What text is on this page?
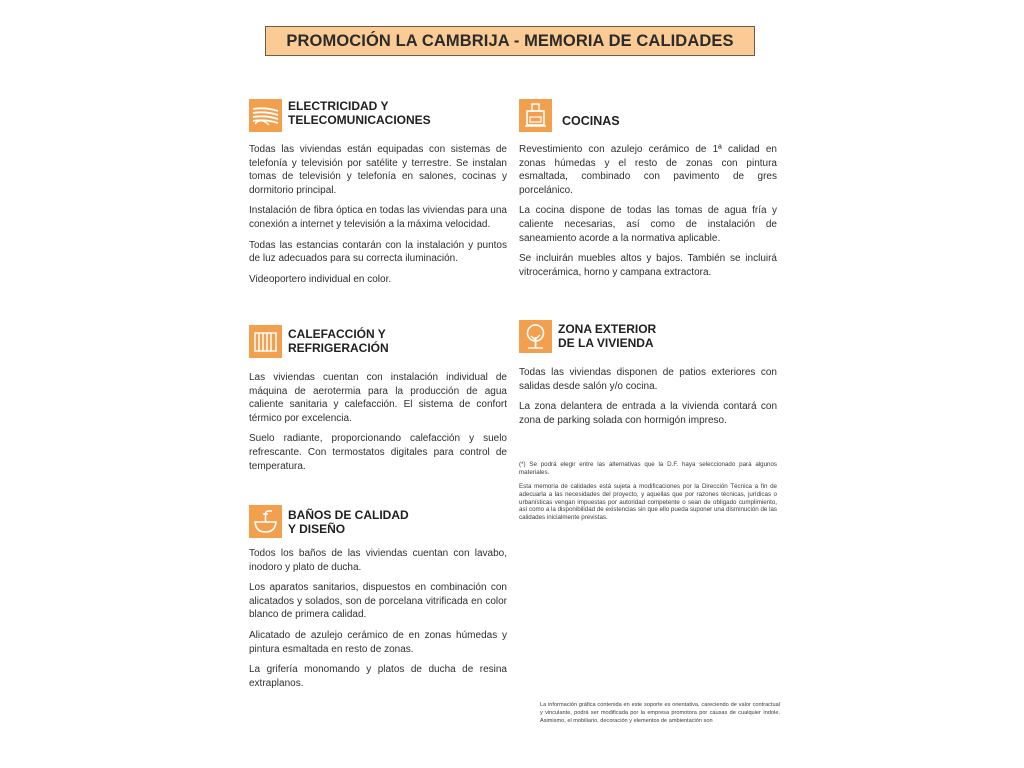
PROMOCIÓN LA CAMBRIJA - MEMORIA DE CALIDADES
ELECTRICIDAD Y
TELECOMUNICACIONES

Todas las viviendas están equipadas con sistemas de telefonía y televisión por satélite y terrestre. Se instalan tomas de televisión y telefonía en salones, cocinas y dormitorio principal.

Instalación de fibra óptica en todas las viviendas para una conexión a internet y televisión a la máxima velocidad.

Todas las estancias contarán con la instalación y puntos de luz adecuados para su correcta iluminación.

Videoportero individual en color.

COCINAS

Revestimiento con azulejo cerámico de 1ª calidad en zonas húmedas y el resto de zonas con pintura esmaltada, combinado con pavimento de gres porcelánico.

La cocina dispone de todas las tomas de agua fría y caliente necesarias, así como de instalación de saneamiento acorde a la normativa aplicable.

Se incluirán muebles altos y bajos. También se incluirá vitrocerámica, horno y campana extractora.

CALEFACCIÓN Y
REFRIGERACIÓN

Las viviendas cuentan con instalación individual de máquina de aerotermia para la producción de agua caliente sanitaria y calefacción. El sistema de confort térmico por excelencia.

Suelo radiante, proporcionando calefacción y suelo refrescante. Con termostatos digitales para control de temperatura.

ZONA EXTERIOR
DE LA VIVIENDA

Todas las viviendas disponen de patios exteriores con salidas desde salón y/o cocina.

La zona delantera de entrada a la vivienda contará con zona de parking solada con hormigón impreso.

(*) Se podrá elegir entre las alternativas que la D.F. haya seleccionado para algunos materiales.

Esta memoria de calidades está sujeta a modificaciones por la Dirección Técnica a fin de adecuarla a las necesidades del proyecto, y aquellas que por razones técnicas, jurídicas o urbanísticas vengan impuestas por autoridad competente o sean de obligado cumplimiento, así como a la disponibilidad de existencias sin que ello pueda suponer una disminución de las calidades inicialmente previstas.

BAÑOS DE CALIDAD
Y DISEÑO

Todos los baños de las viviendas cuentan con lavabo, inodoro y plato de ducha.

Los aparatos sanitarios, dispuestos en combinación con alicatados y solados, son de porcelana vitrificada en color blanco de primera calidad.

Alicatado de azulejo cerámico de en zonas húmedas y pintura esmaltada en resto de zonas.

La grifería monomando y platos de ducha de resina extraplanos.

La información gráfica contenida en este soporte es orientativa, careciendo de valor contractual y vinculante, podrá ser modificada por la empresa promotora por causas de cualquier índole. Asimismo, el mobiliario, decoración y elementos de ambientación son
